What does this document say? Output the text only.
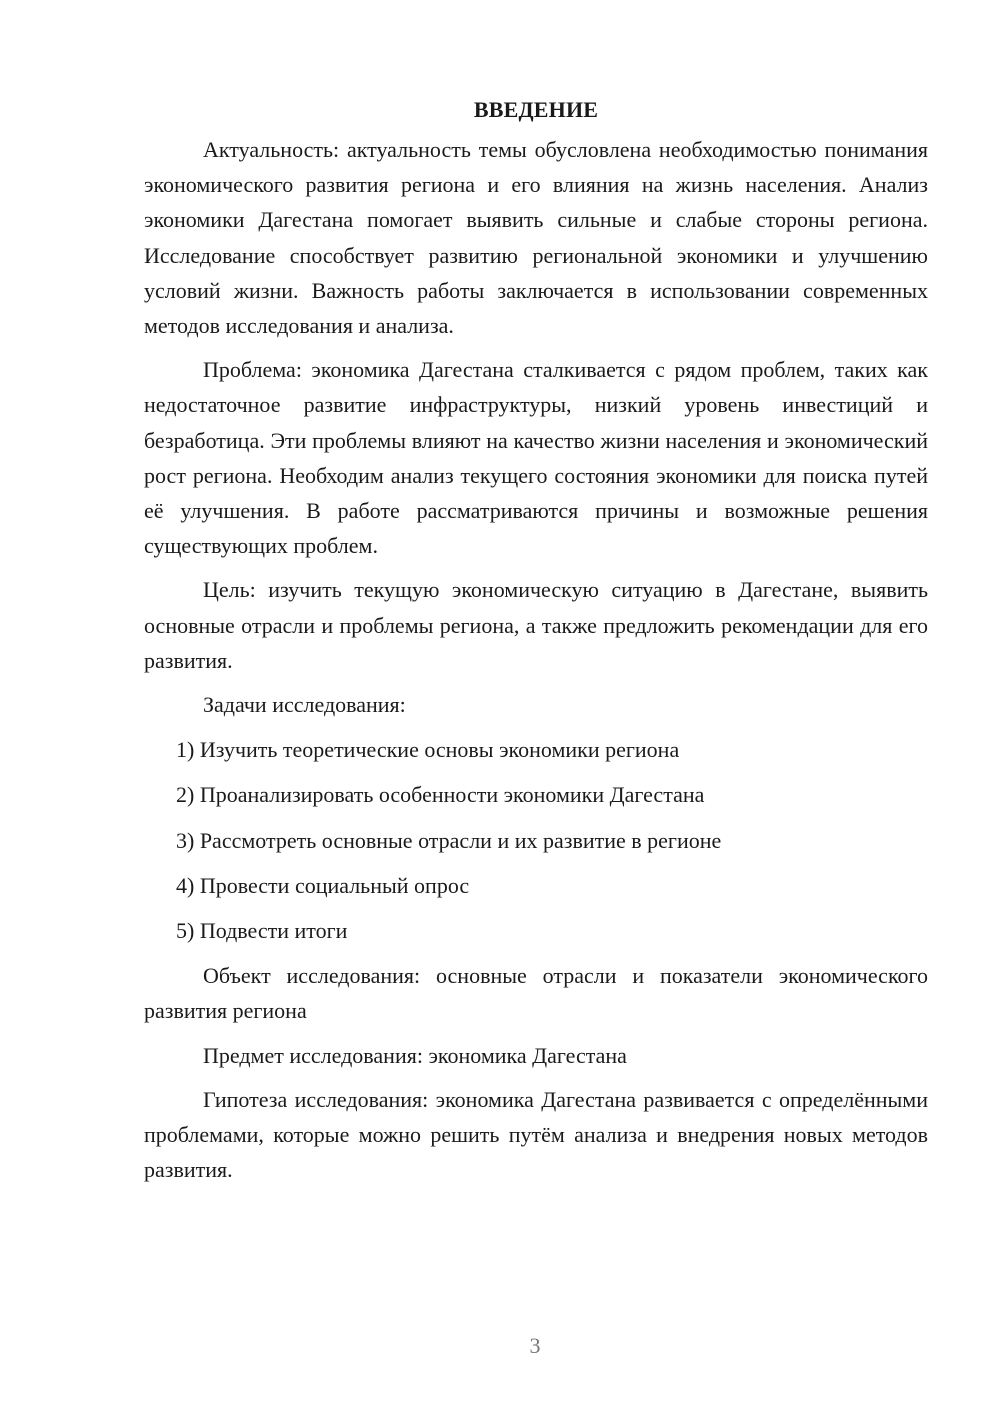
ВВЕДЕНИЕ

Актуальность: актуальность темы обусловлена необходимостью понимания экономического развития региона и его влияния на жизнь населения. Анализ экономики Дагестана помогает выявить сильные и слабые стороны региона. Исследование способствует развитию региональной экономики и улучшению условий жизни. Важность работы заключается в использовании современных методов исследования и анализа.

Проблема: экономика Дагестана сталкивается с рядом проблем, таких как недостаточное развитие инфраструктуры, низкий уровень инвестиций и безработица. Эти проблемы влияют на качество жизни населения и экономический рост региона. Необходим анализ текущего состояния экономики для поиска путей её улучшения. В работе рассматриваются причины и возможные решения существующих проблем.

Цель: изучить текущую экономическую ситуацию в Дагестане, выявить основные отрасли и проблемы региона, а также предложить рекомендации для его развития.

Задачи исследования:
1) Изучить теоретические основы экономики региона
2) Проанализировать особенности экономики Дагестана
3) Рассмотреть основные отрасли и их развитие в регионе
4) Провести социальный опрос
5) Подвести итоги

Объект исследования: основные отрасли и показатели экономического развития региона

Предмет исследования: экономика Дагестана

Гипотеза исследования: экономика Дагестана развивается с определёнными проблемами, которые можно решить путём анализа и внедрения новых методов развития.

3
